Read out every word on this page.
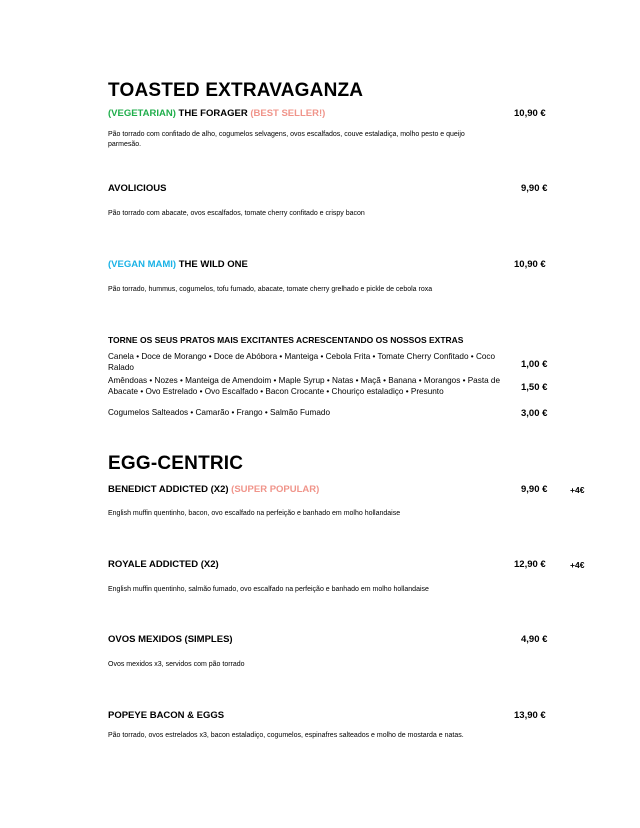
TOASTED EXTRAVAGANZA
(VEGETARIAN) THE FORAGER (BEST SELLER!)	10,90 €
Pão torrado com confitado de alho, cogumelos selvagens, ovos escalfados, couve estaladiça, molho pesto e queijo parmesão.
AVOLICIOUS	9,90 €
Pão torrado com abacate, ovos escalfados, tomate cherry confitado e crispy bacon
(VEGAN MAMI) THE WILD ONE	10,90 €
Pão torrado, hummus, cogumelos, tofu fumado, abacate, tomate cherry grelhado e pickle de cebola roxa
TORNE OS SEUS PRATOS MAIS EXCITANTES ACRESCENTANDO OS NOSSOS EXTRAS
Canela • Doce de Morango • Doce de Abóbora • Manteiga • Cebola Frita • Tomate Cherry Confitado • Coco Ralado	1,00 €
Amêndoas • Nozes • Manteiga de Amendoim • Maple Syrup • Natas • Maçã • Banana • Morangos • Pasta de Abacate • Ovo Estrelado • Ovo Escalfado • Bacon Crocante • Chouriço estaladiço • Presunto	1,50 €
Cogumelos Salteados • Camarão • Frango • Salmão Fumado	3,00 €
EGG-CENTRIC
BENEDICT ADDICTED (X2) (SUPER POPULAR)	9,90 €	+4€
English muffin quentinho, bacon, ovo escalfado na perfeição e banhado em molho hollandaise
ROYALE ADDICTED (X2)	12,90 €	+4€
English muffin quentinho, salmão fumado, ovo escalfado na perfeição e banhado em molho hollandaise
OVOS MEXIDOS (SIMPLES)	4,90 €
Ovos mexidos x3, servidos com pão torrado
POPEYE BACON & EGGS	13,90 €
Pão torrado, ovos estrelados x3, bacon estaladiço, cogumelos, espinafres salteados e molho de mostarda e natas.
